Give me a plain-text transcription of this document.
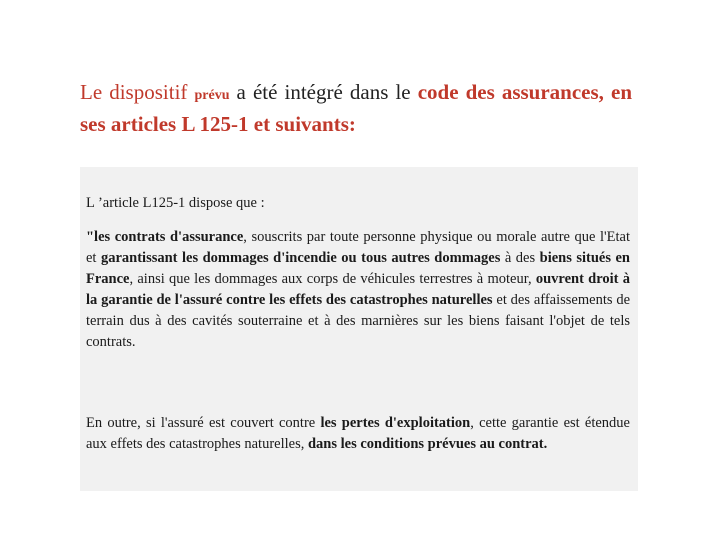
Le dispositif prévu a été intégré dans le code des assurances, en ses articles L 125-1 et suivants:

L ’article L125-1 dispose que :

"les contrats d'assurance, souscrits par toute personne physique ou morale autre que l'Etat et garantissant les dommages d'incendie ou tous autres dommages à des biens situés en France, ainsi que les dommages aux corps de véhicules terrestres à moteur, ouvrent droit à la garantie de l'assuré contre les effets des catastrophes naturelles et des affaissements de terrain dus à des cavités souterraine et à des marnières sur les biens faisant l'objet de tels contrats.

En outre, si l'assuré est couvert contre les pertes d'exploitation, cette garantie est étendue aux effets des catastrophes naturelles, dans les conditions prévues au contrat.
